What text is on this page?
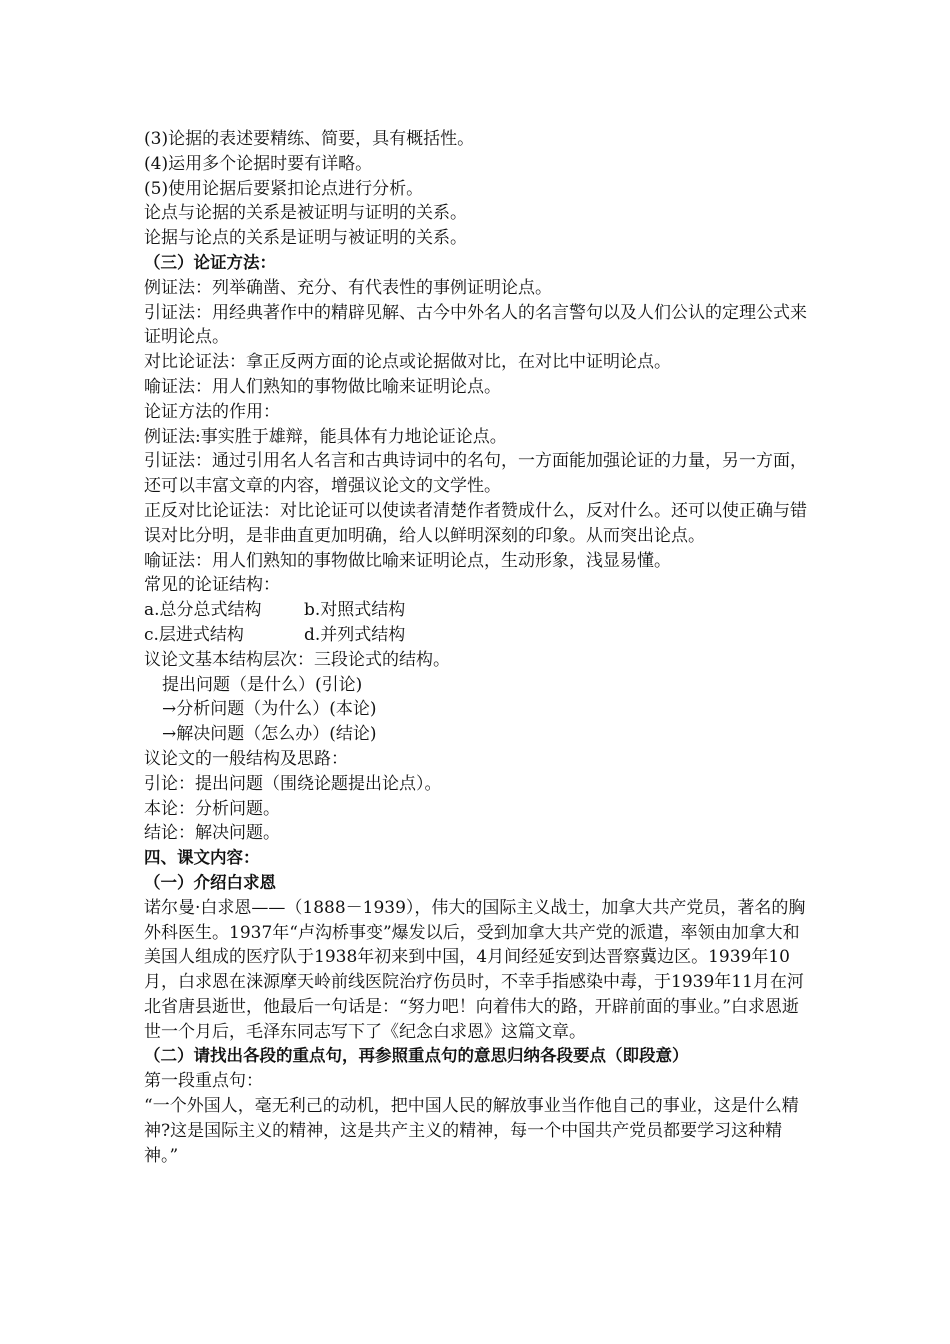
(3)论据的表述要精练、简要，具有概括性。
(4)运用多个论据时要有详略。
(5)使用论据后要紧扣论点进行分析。
论点与论据的关系是被证明与证明的关系。
论据与论点的关系是证明与被证明的关系。
（三）论证方法：
例证法：列举确凿、充分、有代表性的事例证明论点。
引证法：用经典著作中的精辟见解、古今中外名人的名言警句以及人们公认的定理公式来证明论点。
对比论证法：拿正反两方面的论点或论据做对比，在对比中证明论点。
喻证法：用人们熟知的事物做比喻来证明论点。
论证方法的作用：
例证法:事实胜于雄辩，能具体有力地论证论点。
引证法：通过引用名人名言和古典诗词中的名句，一方面能加强论证的力量，另一方面，还可以丰富文章的内容，增强议论文的文学性。
正反对比论证法：对比论证可以使读者清楚作者赞成什么，反对什么。还可以使正确与错误对比分明，是非曲直更加明确，给人以鲜明深刻的印象。从而突出论点。
喻证法：用人们熟知的事物做比喻来证明论点，生动形象，浅显易懂。
常见的论证结构：
a.总分总式结构 b.对照式结构
c.层进式结构	d.并列式结构
议论文基本结构层次：三段论式的结构。
提出问题（是什么）(引论)
→分析问题（为什么）(本论)
→解决问题（怎么办）(结论)
议论文的一般结构及思路：
引论：提出问题（围绕论题提出论点）。
本论：分析问题。
结论：解决问题。
四、课文内容：
（一）介绍白求恩
诺尔曼·白求恩——（1888－1939），伟大的国际主义战士，加拿大共产党员，著名的胸外科医生。1937年“卢沟桥事变”爆发以后，受到加拿大共产党的派遣，率领由加拿大和美国人组成的医疗队于1938年初来到中国，4月间经延安到达晋察冀边区。1939年10月，白求恩在涞源摩天岭前线医院治疗伤员时，不幸手指感染中毒，于1939年11月在河北省唐县逝世，他最后一句话是：“努力吧！向着伟大的路，开辟前面的事业。”白求恩逝世一个月后，毛泽东同志写下了《纪念白求恩》这篇文章。
（二）请找出各段的重点句，再参照重点句的意思归纳各段要点（即段意）
第一段重点句：
“一个外国人，毫无利己的动机，把中国人民的解放事业当作他自己的事业，这是什么精神?这是国际主义的精神，这是共产主义的精神，每一个中国共产党员都要学习这种精神。”
